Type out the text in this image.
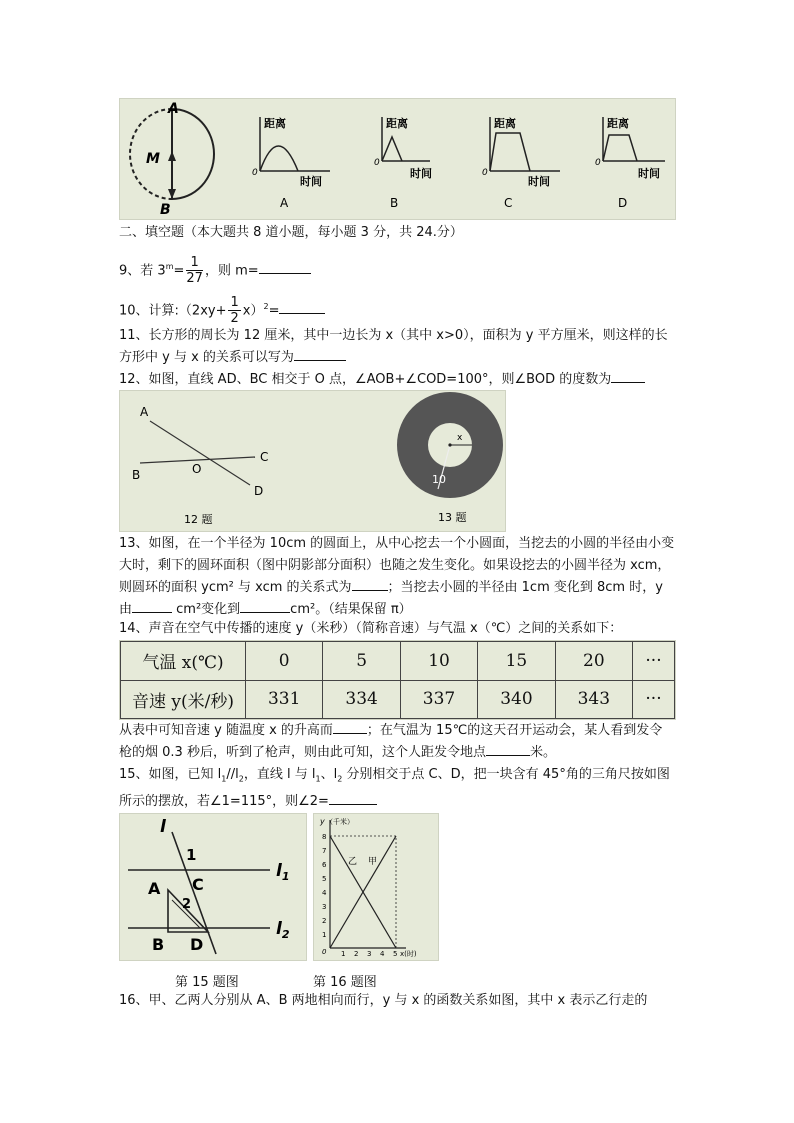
A
M
B
距离
时间
0
A
距离
时间
0
B
距离
时间
0
C
距离
时间
0
D
二、填空题（本大题共 8 道小题，每小题 3 分，共 24.分）
9、若 $3^m= \frac{1}{27}$ ，则 m=
10、计算:（2xy+ $\frac{1}{2} x)^2=$
11、长方形的周长为 12 厘米，其中一边长为 x（其中 x>0），面积为 y 平方厘米，则这样的长方形中 y 与 x 的关系可以写为
12、如图，直线 AD、BC 相交于 O 点，∠AOB+∠COD=100°，则∠BOD 的度数为
A
B
C
D
O
12 题
x
10
13 题
13、如图，在一个半径为 10cm 的圆面上，从中心挖去一个小圆面，当挖去的小圆的半径由小变大时，剩下的圆环面积（图中阴影部分面积）也随之发生变化。如果设挖去的小圆半径为 xcm，则圆环的面积 ycm² 与 xcm 的关系式为	；当挖去小圆的半径由 1cm 变化到 8cm 时，y 由	cm²变化到	cm²。（结果保留 π）
14、声音在空气中传播的速度 y（米秒）（简称音速）与气温 x（℃）之间的关系如下：
气温 x(℃)	0	5	10	15	20	···
音速 y(米/秒)	331	334	337	340	343	···
从表中可知音速 y 随温度 x 的升高而	；在气温为 15℃的这天召开运动会，某人看到发令枪的烟 0.3 秒后，听到了枪声，则由此可知，这个人距发令地点	米。
15、如图，已知 $l_1//l_2$，直线 l 与 $l_1$、$l_2$ 分别相交于点 C、D，把一块含有 45°角的三角尺按如图所示的摆放，若∠1=115°，则∠2=
l
1
$l_1$
A C
2
$l_2$
B D
y （千米）
8
7
6
5
4
3
2
1
0 1 2 3 4 5 x(时)
乙 甲
第 15 题图	第 16 题图
16、甲、乙两人分别从 A、B 两地相向而行，y 与 x 的函数关系如图，其中 x 表示乙行走的
